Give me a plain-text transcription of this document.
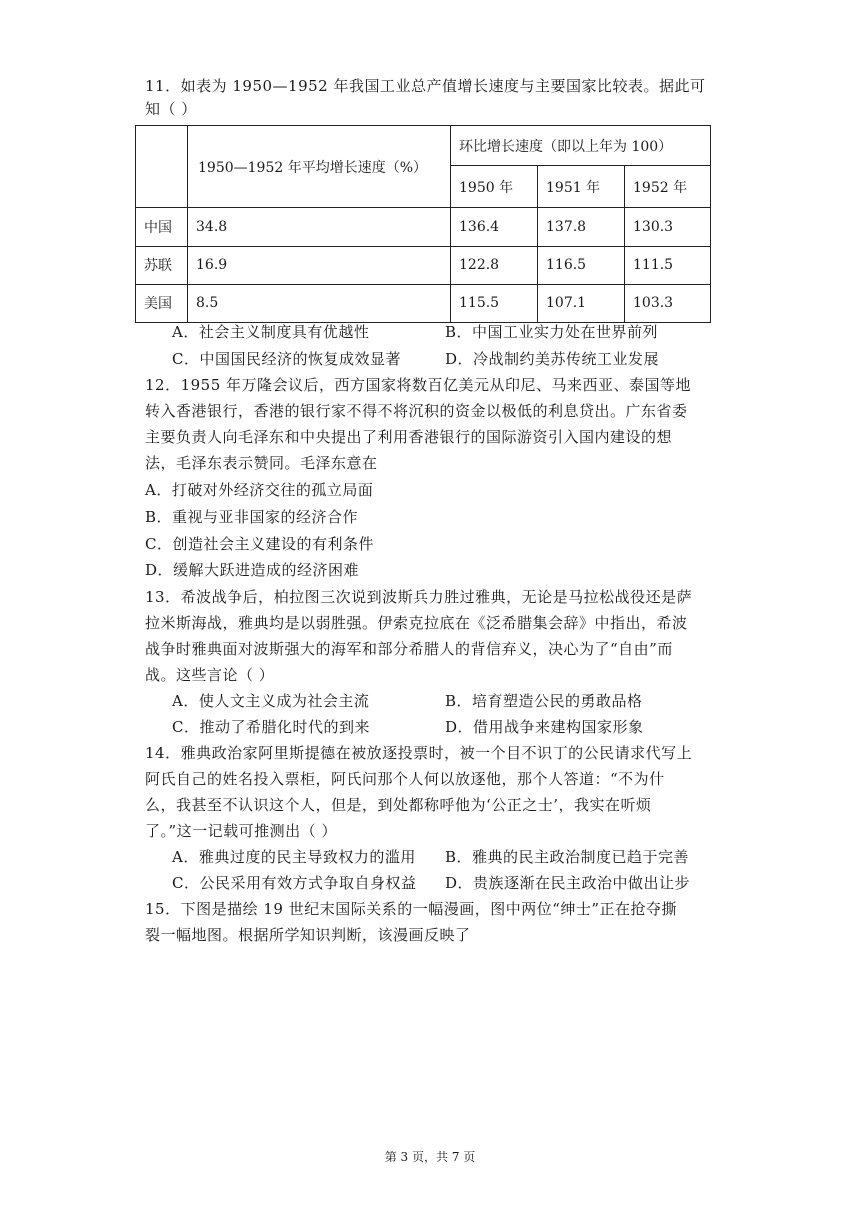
11．如表为 1950—1952 年我国工业总产值增长速度与主要国家比较表。据此可
知（ ）
	1950—1952 年平均增长速度（%）	环比增长速度（即以上年为 100）		
		1950 年	1951 年	1952 年
中国	34.8	136.4	137.8	130.3
苏联	16.9	122.8	116.5	111.5
美国	8.5	115.5	107.1	103.3
A．社会主义制度具有优越性	B．中国工业实力处在世界前列
C．中国国民经济的恢复成效显著	D．冷战制约美苏传统工业发展
12．1955 年万隆会议后，西方国家将数百亿美元从印尼、马来西亚、泰国等地
转入香港银行，香港的银行家不得不将沉积的资金以极低的利息贷出。广东省委
主要负责人向毛泽东和中央提出了利用香港银行的国际游资引入国内建设的想
法，毛泽东表示赞同。毛泽东意在
A．打破对外经济交往的孤立局面
B．重视与亚非国家的经济合作
C．创造社会主义建设的有利条件
D．缓解大跃进造成的经济困难
13．希波战争后，柏拉图三次说到波斯兵力胜过雅典，无论是马拉松战役还是萨
拉米斯海战，雅典均是以弱胜强。伊索克拉底在《泛希腊集会辞》中指出，希波
战争时雅典面对波斯强大的海军和部分希腊人的背信弃义，决心为了“自由”而
战。这些言论（ ）
A．使人文主义成为社会主流	B．培育塑造公民的勇敢品格
C．推动了希腊化时代的到来	D．借用战争来建构国家形象
14．雅典政治家阿里斯提德在被放逐投票时，被一个目不识丁的公民请求代写上
阿氏自己的姓名投入票柜，阿氏问那个人何以放逐他，那个人答道：“不为什
么，我甚至不认识这个人，但是，到处都称呼他为‘公正之士’，我实在听烦
了。”这一记载可推测出（ ）
A．雅典过度的民主导致权力的滥用 B．雅典的民主政治制度已趋于完善
C．公民采用有效方式争取自身权益 D．贵族逐渐在民主政治中做出让步
15．下图是描绘 19 世纪末国际关系的一幅漫画，图中两位“绅士”正在抢夺撕
裂一幅地图。根据所学知识判断，该漫画反映了
第 3 页，共 7 页
